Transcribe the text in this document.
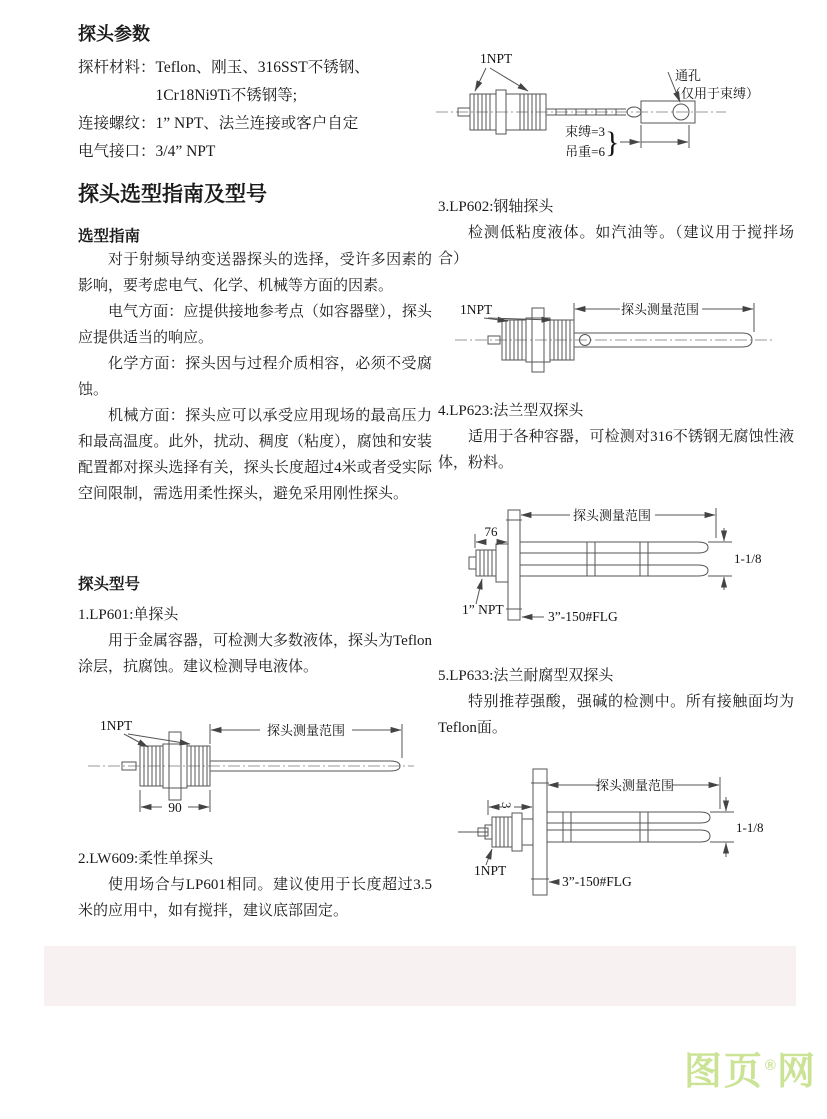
探头参数
探杆材料： Teflon、刚玉、316SST不锈钢、
1Cr18Ni9Ti不锈钢等;
连接螺纹： 1” NPT、法兰连接或客户自定
电气接口： 3/4” NPT
探头选型指南及型号
选型指南

对于射频导纳变送器探头的选择，受许多因素的影响，要考虑电气、化学、机械等方面的因素。

电气方面：应提供接地参考点（如容器壁），探头应提供适当的响应。

化学方面：探头因与过程介质相容，必须不受腐蚀。

机械方面：探头应可以承受应用现场的最高压力和最高温度。此外，扰动、稠度（粘度），腐蚀和安装配置都对探头选择有关，探头长度超过4米或者受实际空间限制，需选用柔性探头，避免采用刚性探头。

探头型号
1.LP601:单探头
用于金属容器，可检测大多数液体，探头为Teflon涂层，抗腐蚀。建议检测导电液体。
1NPT	探头测量范围
90
2.LW609:柔性单探头
使用场合与LP601相同。建议使用于长度超过3.5米的应用中，如有搅拌，建议底部固定。
1NPT
通孔
（仅用于束缚）
束缚=3
吊重=6 }
3.LP602:钢轴探头
检测低粘度液体。如汽油等。（建议用于搅拌场合）
1NPT	探头测量范围
4.LP623:法兰型双探头
适用于各种容器，可检测对316不锈钢无腐蚀性液体，粉料。
探头测量范围
76
1-1/8
1” NPT	3”-150#FLG
5.LP633:法兰耐腐型双探头
特别推荐强酸，强碱的检测中。所有接触面均为Teflon面。
探头测量范围
3
1-1/8
1NPT
3”-150#FLG
图页®网
